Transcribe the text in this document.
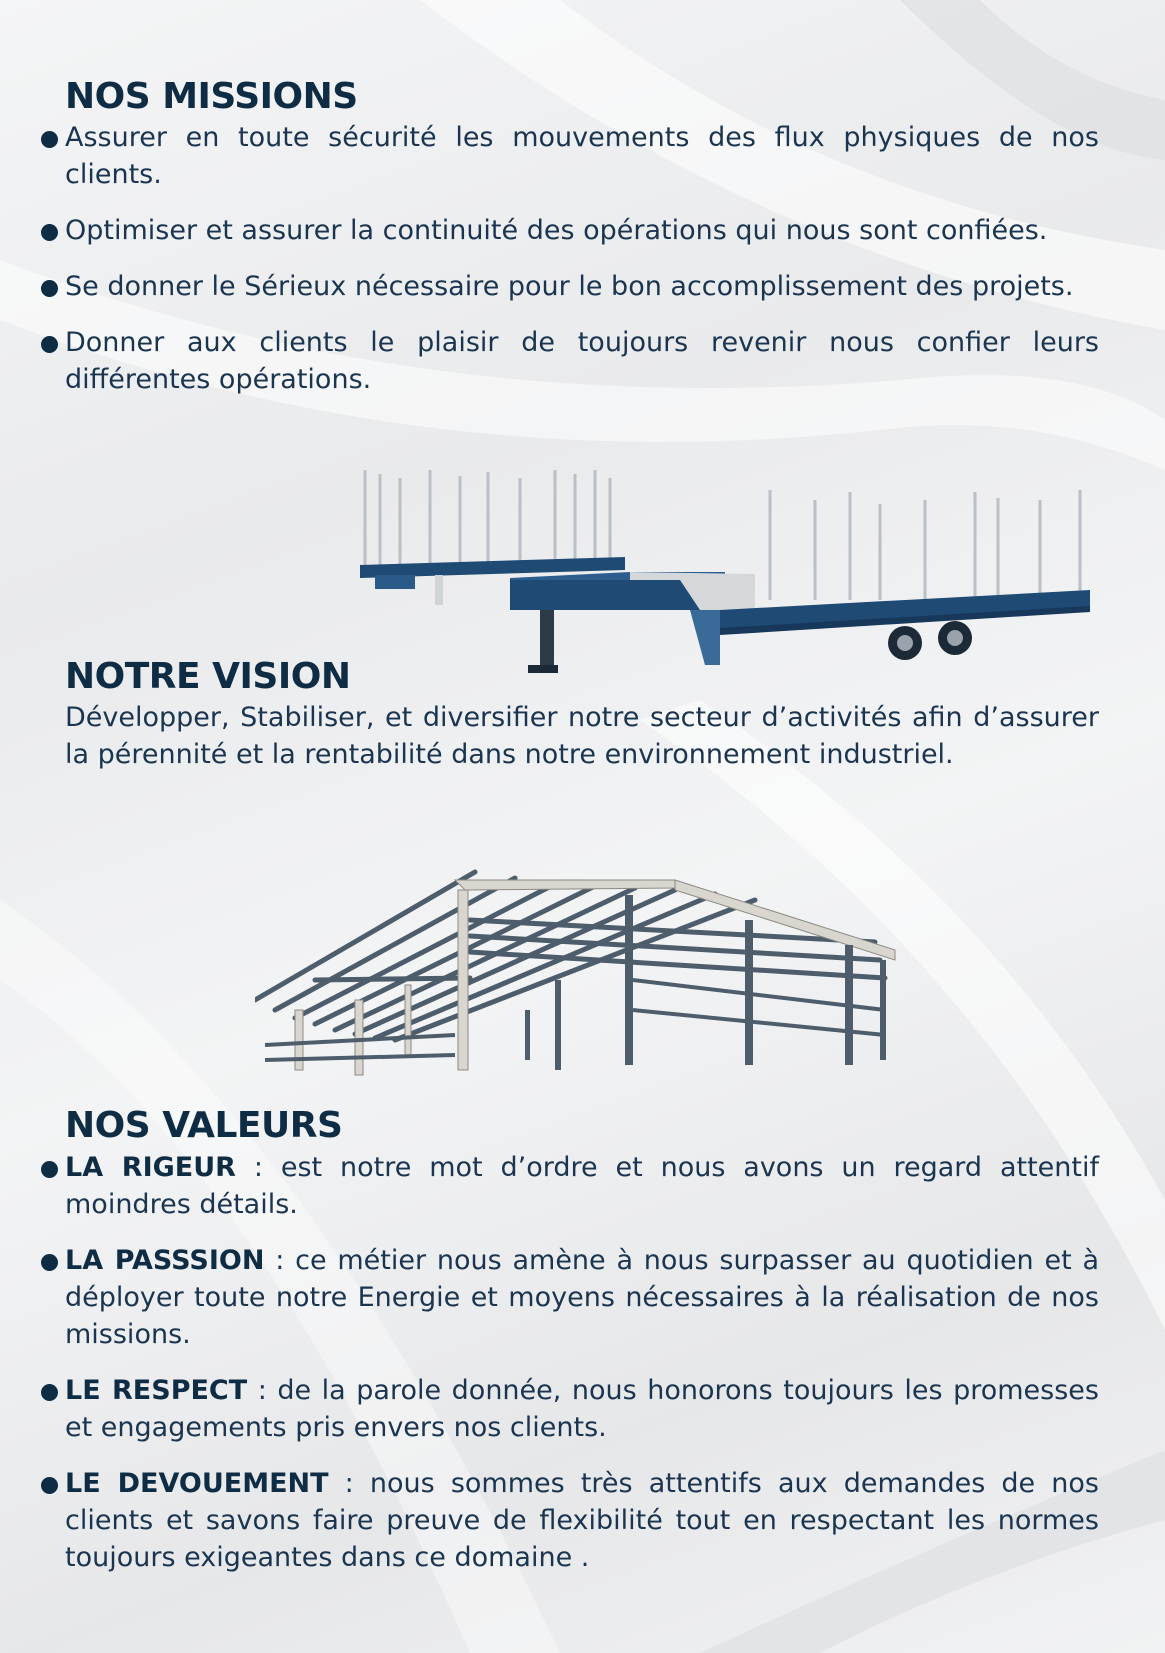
NOS MISSIONS
Assurer en toute sécurité les mouvements des flux physiques de nos clients.
Optimiser et assurer la continuité des opérations qui nous sont confiées.
Se donner le Sérieux nécessaire pour le bon accomplissement des projets.
Donner aux clients le plaisir de toujours revenir nous confier leurs différentes opérations.
NOTRE VISION

Développer, Stabiliser, et diversifier notre secteur d’activités afin d’assurer la pérennité et la rentabilité dans notre environnement industriel.

NOS VALEURS
LA RIGEUR : est notre mot d’ordre et nous avons un regard attentif moindres détails.
LA PASSSION : ce métier nous amène à nous surpasser au quotidien et à déployer toute notre Energie et moyens nécessaires à la réalisation de nos missions.
LE RESPECT : de la parole donnée, nous honorons toujours les promesses et engagements pris envers nos clients.
LE DEVOUEMENT : nous sommes très attentifs aux demandes de nos clients et savons faire preuve de flexibilité tout en respectant les normes toujours exigeantes dans ce domaine .
